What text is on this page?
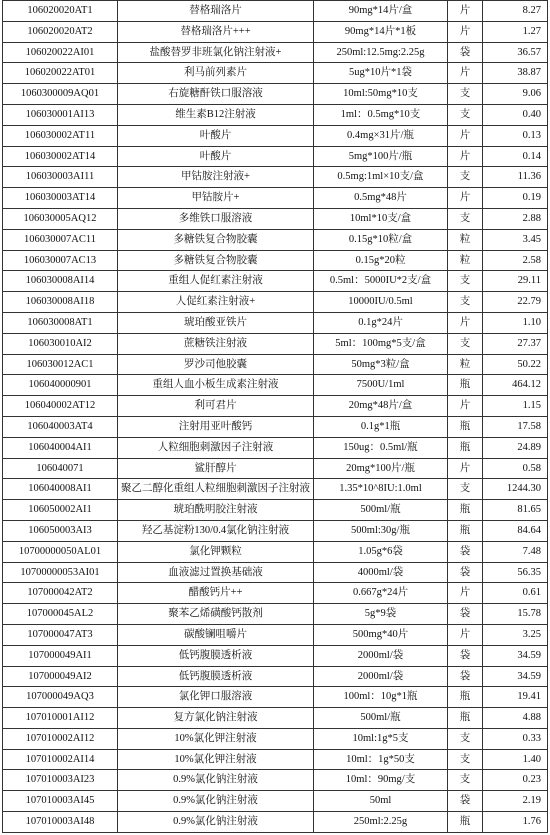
106020020AT1	替格瑞洛片	90mg*14片/盒	片	8.27
106020020AT2	替格瑞洛片+++	90mg*14片*1板	片	1.27
106020022AI01	盐酸替罗非班氯化钠注射液+	250ml:12.5mg:2.25g	袋	36.57
106020022AT01	利马前列素片	5ug*10片*1袋	片	38.87
1060300009AQ01	右旋糖酐铁口服溶液	10ml:50mg*10支	支	9.06
106030001AI13	维生素B12注射液	1ml：0.5mg*10支	支	0.40
106030002AT11	叶酸片	0.4mg×31片/瓶	片	0.13
106030002AT14	叶酸片	5mg*100片/瓶	片	0.14
106030003AI11	甲钴胺注射液+	0.5mg:1ml×10支/盒	支	11.36
106030003AT14	甲钴胺片+	0.5mg*48片	片	0.19
106030005AQ12	多维铁口服溶液	10ml*10支/盒	支	2.88
106030007AC11	多糖铁复合物胶囊	0.15g*10粒/盒	粒	3.45
106030007AC13	多糖铁复合物胶囊	0.15g*20粒	粒	2.58
106030008AI14	重组人促红素注射液	0.5ml：5000IU*2支/盒	支	29.11
106030008AI18	人促红素注射液+	10000IU/0.5ml	支	22.79
106030008AT1	琥珀酸亚铁片	0.1g*24片	片	1.10
106030010AI2	蔗糖铁注射液	5ml：100mg*5支/盒	支	27.37
106030012AC1	罗沙司他胶囊	50mg*3粒/盒	粒	50.22
106040000901	重组人血小板生成素注射液	7500U/1ml	瓶	464.12
106040002AT12	利可君片	20mg*48片/盒	片	1.15
106040003AT4	注射用亚叶酸钙	0.1g*1瓶	瓶	17.58
106040004AI1	人粒细胞刺激因子注射液	150ug：0.5ml/瓶	瓶	24.89
106040071	鲨肝醇片	20mg*100片/瓶	片	0.58
106040008AI1	聚乙二醇化重组人粒细胞刺激因子注射液	1.35*10^8IU:1.0ml	支	1244.30
106050002AI1	琥珀酰明胶注射液	500ml/瓶	瓶	81.65
106050003AI3	羟乙基淀粉130/0.4氯化钠注射液	500ml:30g/瓶	瓶	84.64
10700000050AL01	氯化钾颗粒	1.05g*6袋	袋	7.48
10700000053AI01	血液滤过置换基础液	4000ml/袋	袋	56.35
107000042AT2	醋酸钙片++	0.667g*24片	片	0.61
107000045AL2	聚苯乙烯磺酸钙散剂	5g*9袋	袋	15.78
107000047AT3	碳酸镧咀嚼片	500mg*40片	片	3.25
107000049AI1	低钙腹膜透析液	2000ml/袋	袋	34.59
107000049AI2	低钙腹膜透析液	2000ml/袋	袋	34.59
107000049AQ3	氯化钾口服溶液	100ml：10g*1瓶	瓶	19.41
107010001AI12	复方氯化钠注射液	500ml/瓶	瓶	4.88
107010002AI12	10%氯化钾注射液	10ml:1g*5支	支	0.33
107010002AI14	10%氯化钾注射液	10ml：1g*50支	支	1.40
107010003AI23	0.9%氯化钠注射液	10ml：90mg/支	支	0.23
107010003AI45	0.9%氯化钠注射液	50ml	袋	2.19
107010003AI48	0.9%氯化钠注射液	250ml:2.25g	瓶	1.76
